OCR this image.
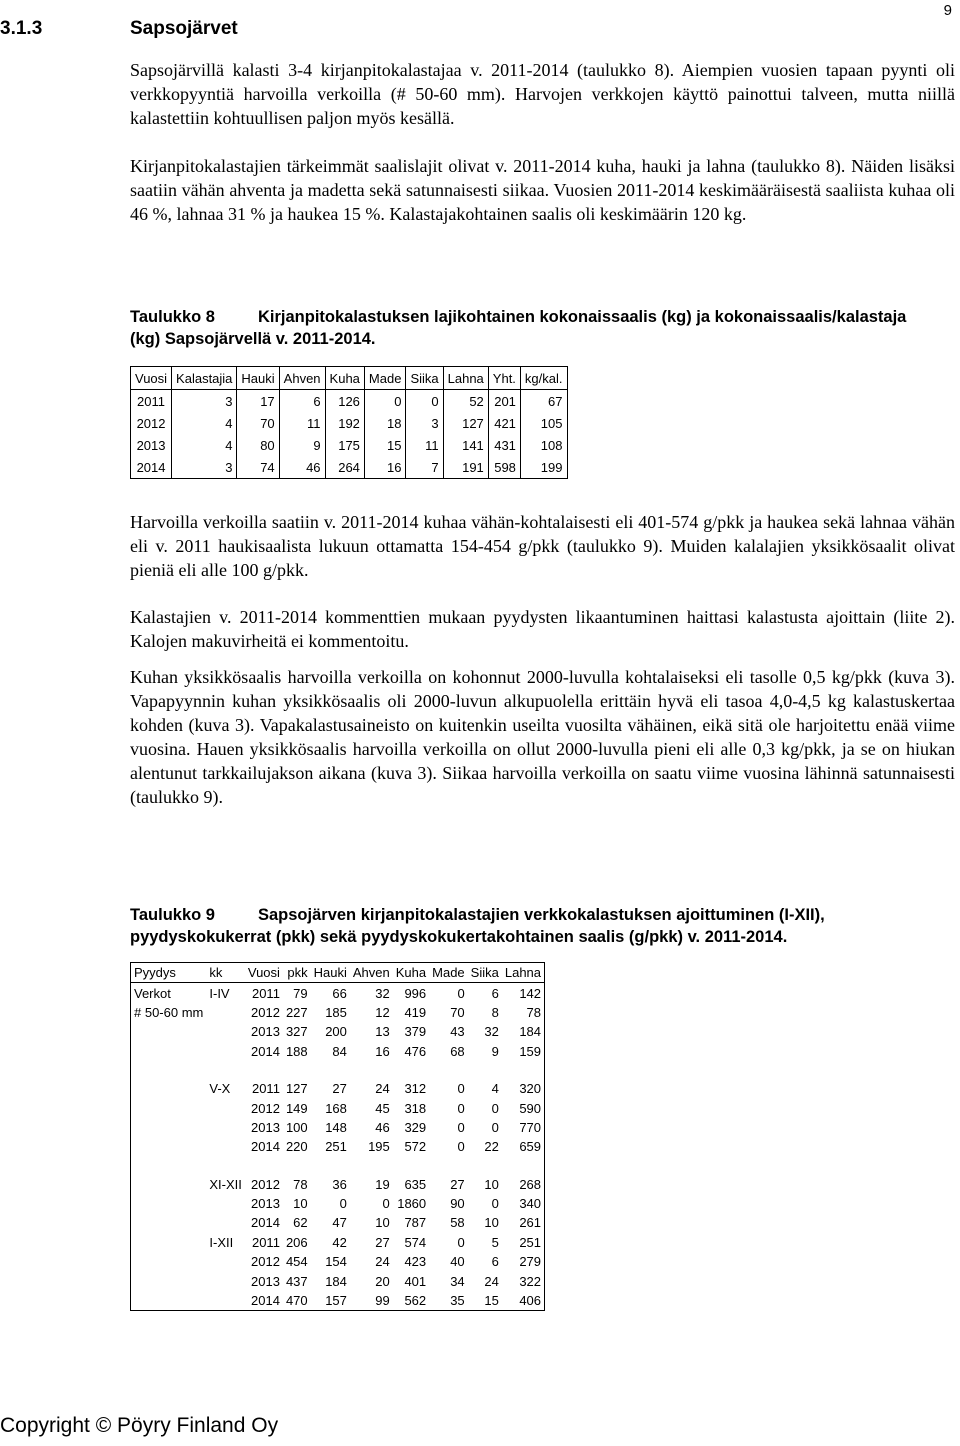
9
3.1.3	Sapsojärvet

Sapsojärvillä kalasti 3-4 kirjanpitokalastajaa v. 2011-2014 (taulukko 8). Aiempien vuosien tapaan pyynti oli verkkopyyntiä harvoilla verkoilla (# 50-60 mm). Harvojen verkkojen käyttö painottui talveen, mutta niillä kalastettiin kohtuullisen paljon myös kesällä.

Kirjanpitokalastajien tärkeimmät saalislajit olivat v. 2011-2014 kuha, hauki ja lahna (taulukko 8). Näiden lisäksi saatiin vähän ahventa ja madetta sekä satunnaisesti siikaa. Vuosien 2011-2014 keskimääräisestä saaliista kuhaa oli 46 %, lahnaa 31 % ja haukea 15 %. Kalastajakohtainen saalis oli keskimäärin 120 kg.

Taulukko 8	Kirjanpitokalastuksen lajikohtainen kokonaissaalis (kg) ja kokonaissaalis/kalastaja (kg) Sapsojärvellä v. 2011-2014.

Vuosi	Kalastajia	Hauki	Ahven	Kuha	Made	Siika	Lahna	Yht.	kg/kal.
2011	3	17	6	126	0	0	52	201	67
2012	4	70	11	192	18	3	127	421	105
2013	4	80	9	175	15	11	141	431	108
2014	3	74	46	264	16	7	191	598	199

Harvoilla verkoilla saatiin v. 2011-2014 kuhaa vähän-kohtalaisesti eli 401-574 g/pkk ja haukea sekä lahnaa vähän eli v. 2011 haukisaalista lukuun ottamatta 154-454 g/pkk (taulukko 9). Muiden kalalajien yksikkösaalit olivat pieniä eli alle 100 g/pkk.

Kalastajien v. 2011-2014 kommenttien mukaan pyydysten likaantuminen haittasi kalastusta ajoittain (liite 2). Kalojen makuvirheitä ei kommentoitu.

Kuhan yksikkösaalis harvoilla verkoilla on kohonnut 2000-luvulla kohtalaiseksi eli tasolle 0,5 kg/pkk (kuva 3). Vapapyynnin kuhan yksikkösaalis oli 2000-luvun alkupuolella erittäin hyvä eli tasoa 4,0-4,5 kg kalastuskertaa kohden (kuva 3). Vapakalastusaineisto on kuitenkin useilta vuosilta vähäinen, eikä sitä ole harjoitettu enää viime vuosina. Hauen yksikkösaalis harvoilla verkoilla on ollut 2000-luvulla pieni eli alle 0,3 kg/pkk, ja se on hiukan alentunut tarkkailujakson aikana (kuva 3). Siikaa harvoilla verkoilla on saatu viime vuosina lähinnä satunnaisesti (taulukko 9).

Taulukko 9	Sapsojärven kirjanpitokalastajien verkkokalastuksen ajoittuminen (I-XII), pyydyskokukerrat (pkk) sekä pyydyskokukertakohtainen saalis (g/pkk) v. 2011-2014.

Pyydys	kk	Vuosi	pkk	Hauki	Ahven	Kuha	Made	Siika	Lahna
Verkot	I-IV	2011	79	66	32	996	0	6	142
# 50-60 mm		2012	227	185	12	419	70	8	78
		2013	327	200	13	379	43	32	184
		2014	188	84	16	476	68	9	159

	V-X	2011	127	27	24	312	0	4	320
		2012	149	168	45	318	0	0	590
		2013	100	148	46	329	0	0	770
		2014	220	251	195	572	0	22	659

	XI-XII	2012	78	36	19	635	27	10	268
		2013	10	0	0	1860	90	0	340
		2014	62	47	10	787	58	10	261
	I-XII	2011	206	42	27	574	0	5	251
		2012	454	154	24	423	40	6	279
		2013	437	184	20	401	34	24	322
		2014	470	157	99	562	35	15	406
Copyright © Pöyry Finland Oy
